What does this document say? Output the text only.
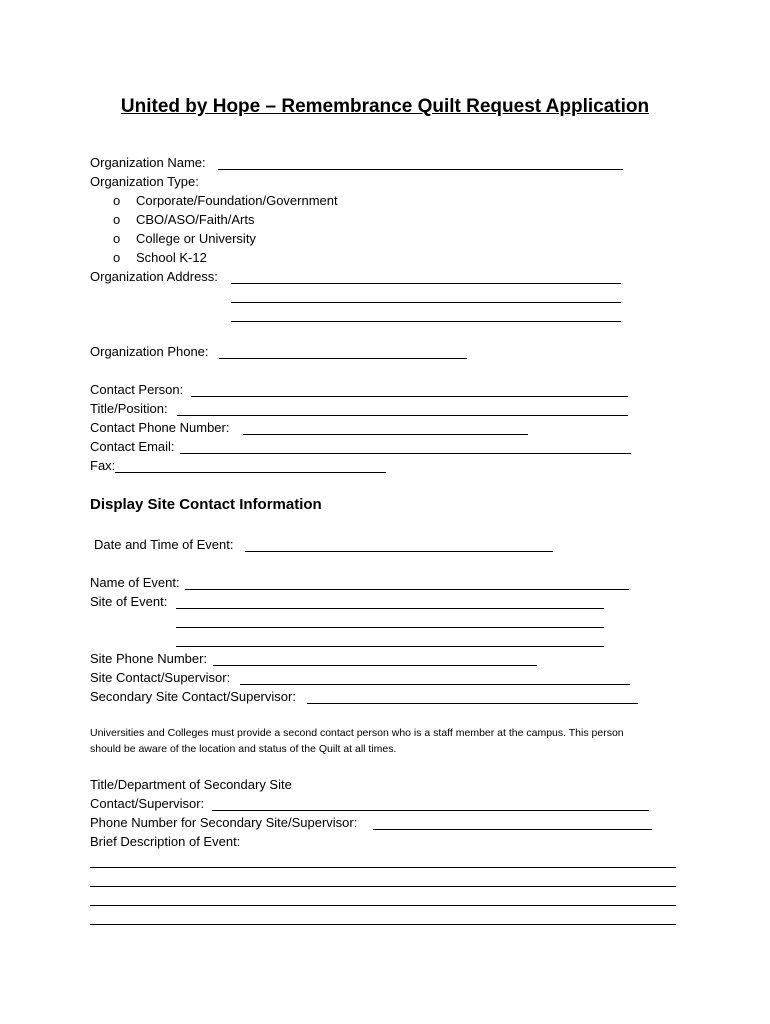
United by Hope – Remembrance Quilt Request Application
Organization Name:
Organization Type:
o Corporate/Foundation/Government
o CBO/ASO/Faith/Arts
o College or University
o School K-12
Organization Address:
Organization Phone:
Contact Person:
Title/Position:
Contact Phone Number:
Contact Email:
Fax:
Display Site Contact Information
Date and Time of Event:
Name of Event:
Site of Event:
Site Phone Number:
Site Contact/Supervisor:
Secondary Site Contact/Supervisor:
Universities and Colleges must provide a second contact person who is a staff member at the campus. This person
should be aware of the location and status of the Quilt at all times.
Title/Department of Secondary Site
Contact/Supervisor:
Phone Number for Secondary Site/Supervisor:
Brief Description of Event:
